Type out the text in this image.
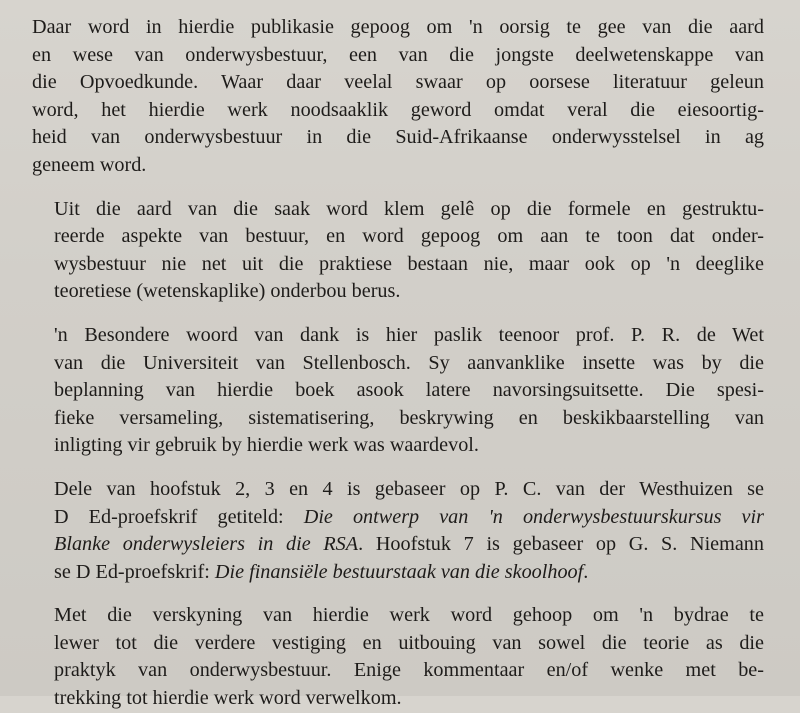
Daar word in hierdie publikasie gepoog om 'n oorsig te gee van die aard
en wese van onderwysbestuur, een van die jongste deelwetenskappe van
die Opvoedkunde. Waar daar veelal swaar op oorsese literatuur geleun
word, het hierdie werk noodsaaklik geword omdat veral die eiesoortig-
heid van onderwysbestuur in die Suid-Afrikaanse onderwysstelsel in ag
geneem word.

Uit die aard van die saak word klem gelê op die formele en gestruktu-
reerde aspekte van bestuur, en word gepoog om aan te toon dat onder-
wysbestuur nie net uit die praktiese bestaan nie, maar ook op 'n deeglike
teoretiese (wetenskaplike) onderbou berus.

'n Besondere woord van dank is hier paslik teenoor prof. P. R. de Wet
van die Universiteit van Stellenbosch. Sy aanvanklike insette was by die
beplanning van hierdie boek asook latere navorsingsuitsette. Die spesi-
fieke versameling, sistematisering, beskrywing en beskikbaarstelling van
inligting vir gebruik by hierdie werk was waardevol.

Dele van hoofstuk 2, 3 en 4 is gebaseer op P. C. van der Westhuizen se
D Ed-proefskrif getiteld: Die ontwerp van 'n onderwysbestuurskursus vir
Blanke onderwysleiers in die RSA. Hoofstuk 7 is gebaseer op G. S. Niemann
se D Ed-proefskrif: Die finansiële bestuurstaak van die skoolhoof.

Met die verskyning van hierdie werk word gehoop om 'n bydrae te
lewer tot die verdere vestiging en uitbouing van sowel die teorie as die
praktyk van onderwysbestuur. Enige kommentaar en/of wenke met be-
trekking tot hierdie werk word verwelkom.
